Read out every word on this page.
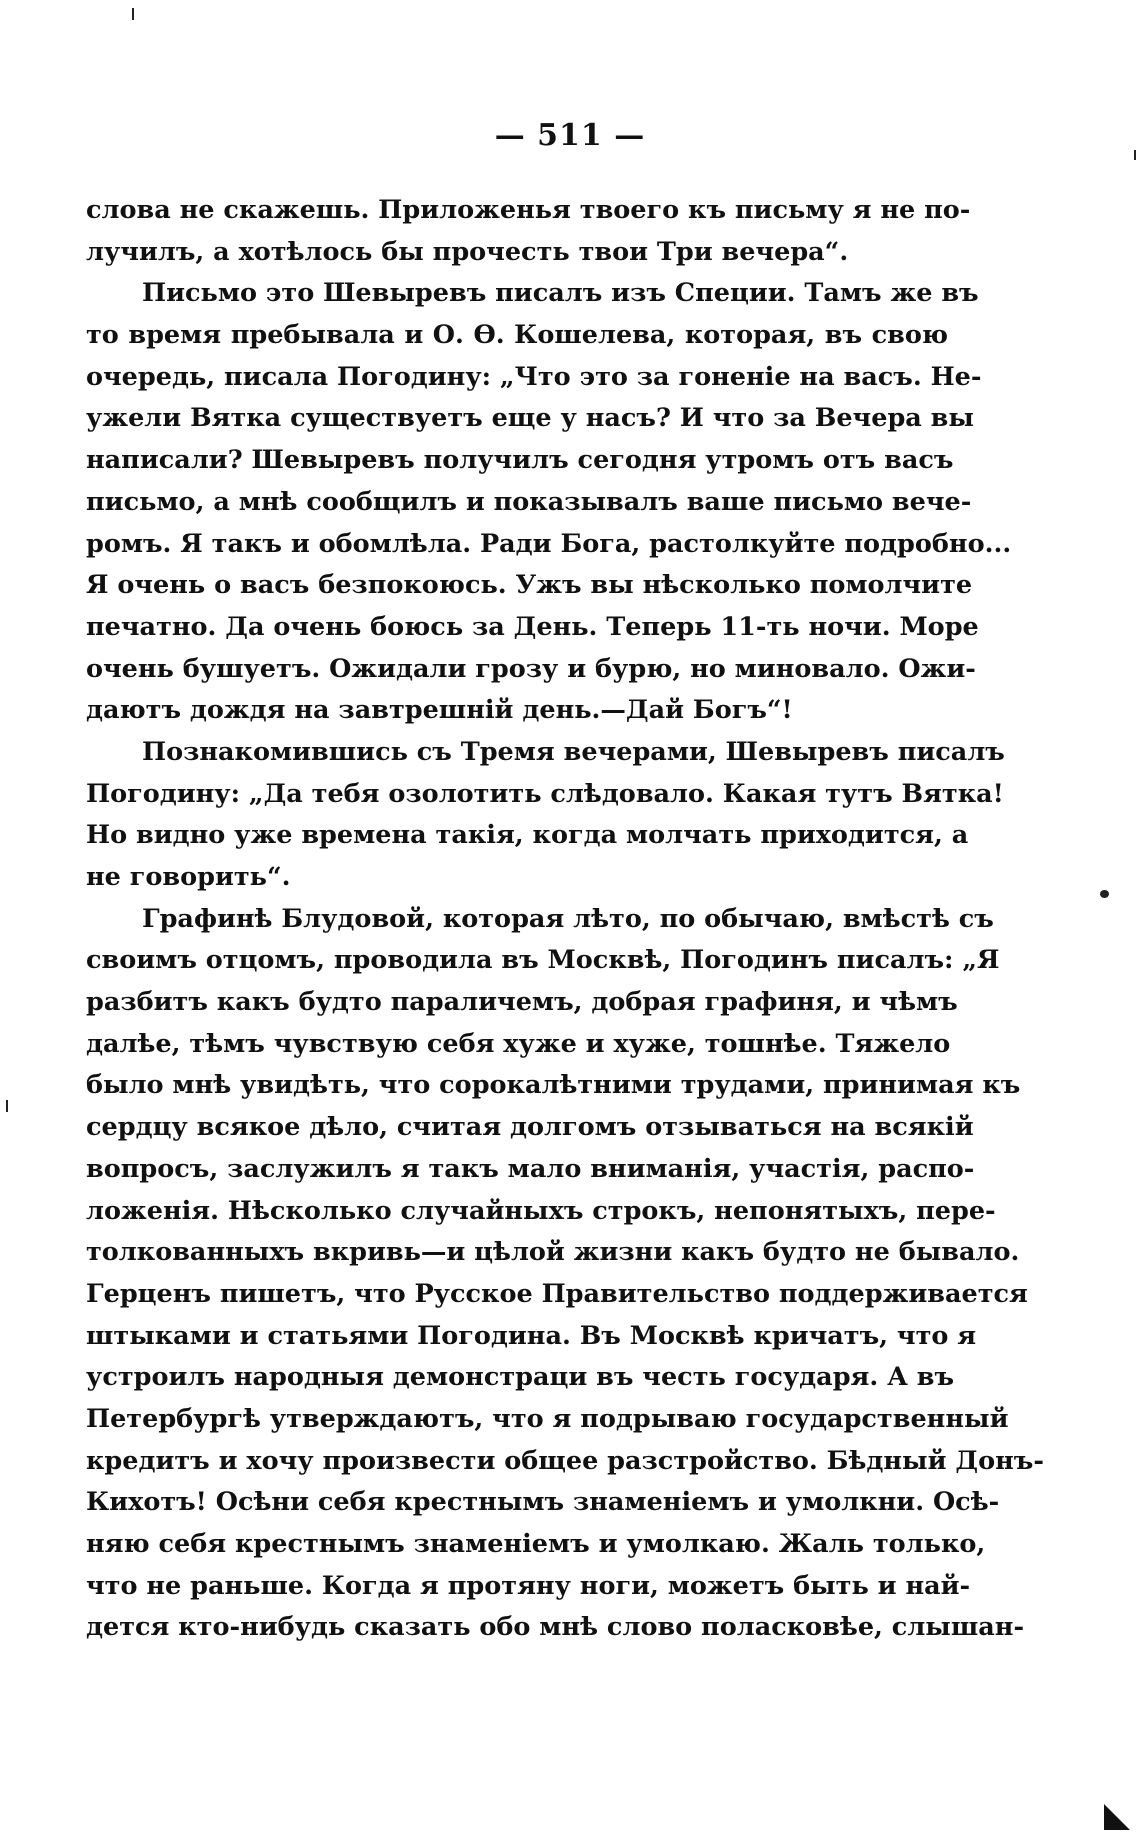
— 511 —
слова не скажешь. Приложенья твоего къ письму я не по-
лучилъ, а хотѣлось бы прочесть твои Три вечера“.
Письмо это Шевыревъ писалъ изъ Специи. Тамъ же въ
то время пребывала и О. Ѳ. Кошелева, которая, въ свою
очередь, писала Погодину: „Что это за гоненіе на васъ. Не-
ужели Вятка существуетъ еще у насъ? И что за Вечера вы
написали? Шевыревъ получилъ сегодня утромъ отъ васъ
письмо, а мнѣ сообщилъ и показывалъ ваше письмо вече-
ромъ. Я такъ и обомлѣла. Ради Бога, растолкуйте подробно...
Я очень о васъ безпокоюсь. Ужъ вы нѣсколько помолчите
печатно. Да очень боюсь за День. Теперь 11-ть ночи. Море
очень бушуетъ. Ожидали грозу и бурю, но миновало. Ожи-
даютъ дождя на завтрешній день.—Дай Богъ“!
Познакомившись съ Тремя вечерами, Шевыревъ писалъ
Погодину: „Да тебя озолотить слѣдовало. Какая тутъ Вятка!
Но видно уже времена такія, когда молчать приходится, а
не говорить“.
Графинѣ Блудовой, которая лѣто, по обычаю, вмѣстѣ съ
своимъ отцомъ, проводила въ Москвѣ, Погодинъ писалъ: „Я
разбитъ какъ будто параличемъ, добрая графиня, и чѣмъ
далѣе, тѣмъ чувствую себя хуже и хуже, тошнѣе. Тяжело
было мнѣ увидѣть, что сорокалѣтними трудами, принимая къ
сердцу всякое дѣло, считая долгомъ отзываться на всякій
вопросъ, заслужилъ я такъ мало вниманія, участія, распо-
ложенія. Нѣсколько случайныхъ строкъ, непонятыхъ, пере-
толкованныхъ вкривь—и цѣлой жизни какъ будто не бывало.
Герценъ пишетъ, что Русское Правительство поддерживается
штыками и статьями Погодина. Въ Москвѣ кричатъ, что я
устроилъ народныя демонстраци въ честь государя. А въ
Петербургѣ утверждаютъ, что я подрываю государственный
кредитъ и хочу произвести общее разстройство. Бѣдный Донъ-
Кихотъ! Осѣни себя крестнымъ знаменіемъ и умолкни. Осѣ-
няю себя крестнымъ знаменіемъ и умолкаю. Жаль только,
что не раньше. Когда я протяну ноги, можетъ быть и най-
дется кто-нибудь сказать обо мнѣ слово поласковѣе, слышан-
